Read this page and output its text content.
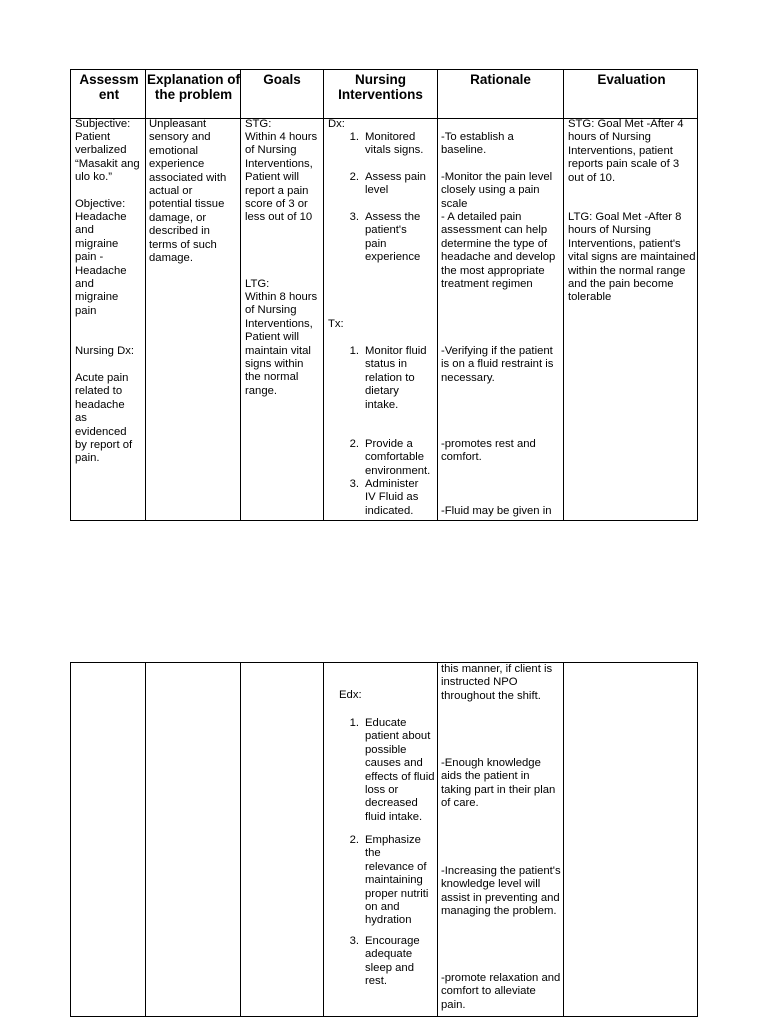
Assessm ent
Explanation of the problem
Goals	Nursing Interventions
Rationale	Evaluation
Subjective:
Patient verbalized “Masakit ang ulo ko.”
Objective:
Headache and migraine pain -Headache and migraine pain
Nursing Dx:
Acute pain related to headache as evidenced by report of pain.
Unpleasant sensory and emotional experience associated with actual or potential tissue damage, or described in terms of such damage.
STG:
Within 4 hours of Nursing Interventions, Patient will report a pain score of 3 or less out of 10
LTG:
Within 8 hours of Nursing Interventions, Patient will maintain vital signs within the normal range.
Dx:
1. Monitored vitals signs.
2. Assess pain level
3. Assess the patient's pain experience
Tx:
1. Monitor fluid status in relation to dietary intake.
2. Provide a comfortable environment.
3. Administer IV Fluid as indicated.
-To establish a baseline.
-Monitor the pain level closely using a pain scale
- A detailed pain assessment can help determine the type of headache and develop the most appropriate treatment regimen
-Verifying if the patient is on a fluid restraint is necessary.
-promotes rest and comfort.
-Fluid may be given in
STG: Goal Met -After 4 hours of Nursing Interventions, patient reports pain scale of 3 out of 10.
LTG: Goal Met -After 8 hours of Nursing Interventions, patient's vital signs are maintained within the normal range and the pain become tolerable
Edx:
1. Educate patient about possible causes and effects of fluid loss or decreased fluid intake.
2. Emphasize the relevance of maintaining proper nutriti on and hydration
3. Encourage adequate sleep and rest.
this manner, if client is instructed NPO throughout the shift.
-Enough knowledge aids the patient in taking part in their plan of care.
-Increasing the patient's knowledge level will assist in preventing and managing the problem.
-promote relaxation and comfort to alleviate pain.
